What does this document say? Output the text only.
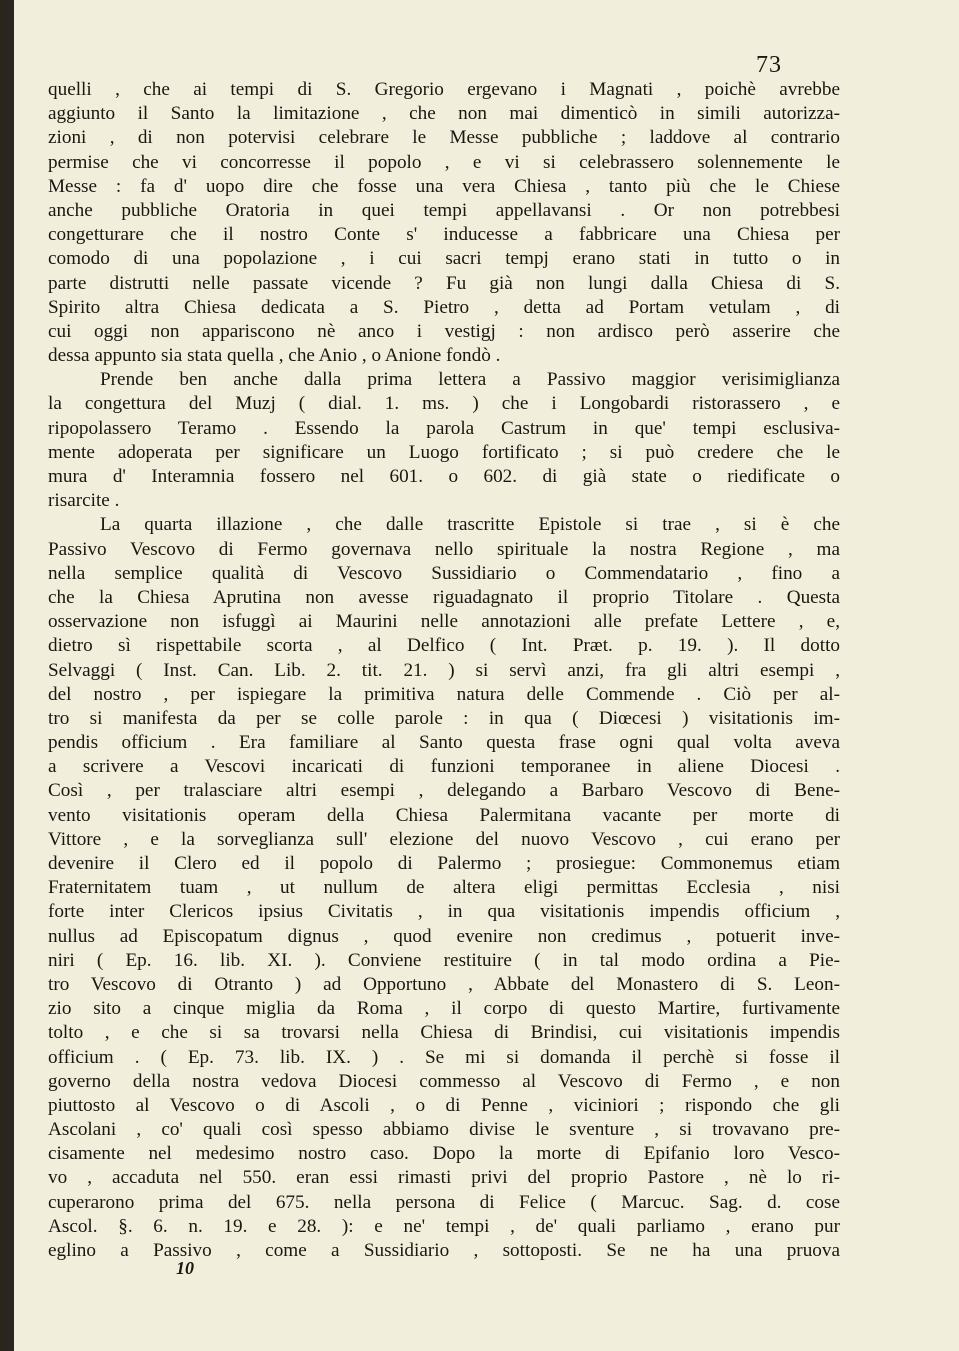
73
quelli , che ai tempi di S. Gregorio ergevano i Magnati , poichè avrebbe
aggiunto il Santo la limitazione , che non mai dimenticò in simili autorizza-
zioni , di non potervisi celebrare le Messe pubbliche ; laddove al contrario
permise che vi concorresse il popolo , e vi si celebrassero solennemente le
Messe : fa d' uopo dire che fosse una vera Chiesa , tanto più che le Chiese
anche pubbliche Oratoria in quei tempi appellavansi . Or non potrebbesi
congetturare che il nostro Conte s' inducesse a fabbricare una Chiesa per
comodo di una popolazione , i cui sacri tempj erano stati in tutto o in
parte distrutti nelle passate vicende ? Fu già non lungi dalla Chiesa di S.
Spirito altra Chiesa dedicata a S. Pietro , detta ad Portam vetulam , di
cui oggi non appariscono nè anco i vestigj : non ardisco però asserire che
dessa appunto sia stata quella , che Anio , o Anione fondò .
Prende ben anche dalla prima lettera a Passivo maggior verisimiglianza
la congettura del Muzj ( dial. 1. ms. ) che i Longobardi ristorassero , e
ripopolassero Teramo . Essendo la parola Castrum in que' tempi esclusiva-
mente adoperata per significare un Luogo fortificato ; si può credere che le
mura d' Interamnia fossero nel 601. o 602. di già state o riedificate o
risarcite .
La quarta illazione , che dalle trascritte Epistole si trae , si è che
Passivo Vescovo di Fermo governava nello spirituale la nostra Regione , ma
nella semplice qualità di Vescovo Sussidiario o Commendatario , fino a
che la Chiesa Aprutina non avesse riguadagnato il proprio Titolare . Questa
osservazione non isfuggì ai Maurini nelle annotazioni alle prefate Lettere , e,
dietro sì rispettabile scorta , al Delfico ( Int. Præt. p. 19. ). Il dotto
Selvaggi ( Inst. Can. Lib. 2. tit. 21. ) si servì anzi, fra gli altri esempi ,
del nostro , per ispiegare la primitiva natura delle Commende . Ciò per al-
tro si manifesta da per se colle parole : in qua ( Diœcesi ) visitationis im-
pendis officium . Era familiare al Santo questa frase ogni qual volta aveva
a scrivere a Vescovi incaricati di funzioni temporanee in aliene Diocesi .
Così , per tralasciare altri esempi , delegando a Barbaro Vescovo di Bene-
vento visitationis operam della Chiesa Palermitana vacante per morte di
Vittore , e la sorveglianza sull' elezione del nuovo Vescovo , cui erano per
devenire il Clero ed il popolo di Palermo ; prosiegue: Commonemus etiam
Fraternitatem tuam , ut nullum de altera eligi permittas Ecclesia , nisi
forte inter Clericos ipsius Civitatis , in qua visitationis impendis officium ,
nullus ad Episcopatum dignus , quod evenire non credimus , potuerit inve-
niri ( Ep. 16. lib. XI. ). Conviene restituire ( in tal modo ordina a Pie-
tro Vescovo di Otranto ) ad Opportuno , Abbate del Monastero di S. Leon-
zio sito a cinque miglia da Roma , il corpo di questo Martire, furtivamente
tolto , e che si sa trovarsi nella Chiesa di Brindisi, cui visitationis impendis
officium . ( Ep. 73. lib. IX. ) . Se mi si domanda il perchè si fosse il
governo della nostra vedova Diocesi commesso al Vescovo di Fermo , e non
piuttosto al Vescovo o di Ascoli , o di Penne , viciniori ; rispondo che gli
Ascolani , co' quali così spesso abbiamo divise le sventure , si trovavano pre-
cisamente nel medesimo nostro caso. Dopo la morte di Epifanio loro Vesco-
vo , accaduta nel 550. eran essi rimasti privi del proprio Pastore , nè lo ri-
cuperarono prima del 675. nella persona di Felice ( Marcuc. Sag. d. cose
Ascol. §. 6. n. 19. e 28. ): e ne' tempi , de' quali parliamo , erano pur
eglino a Passivo , come a Sussidiario , sottoposti. Se ne ha una pruova
10
